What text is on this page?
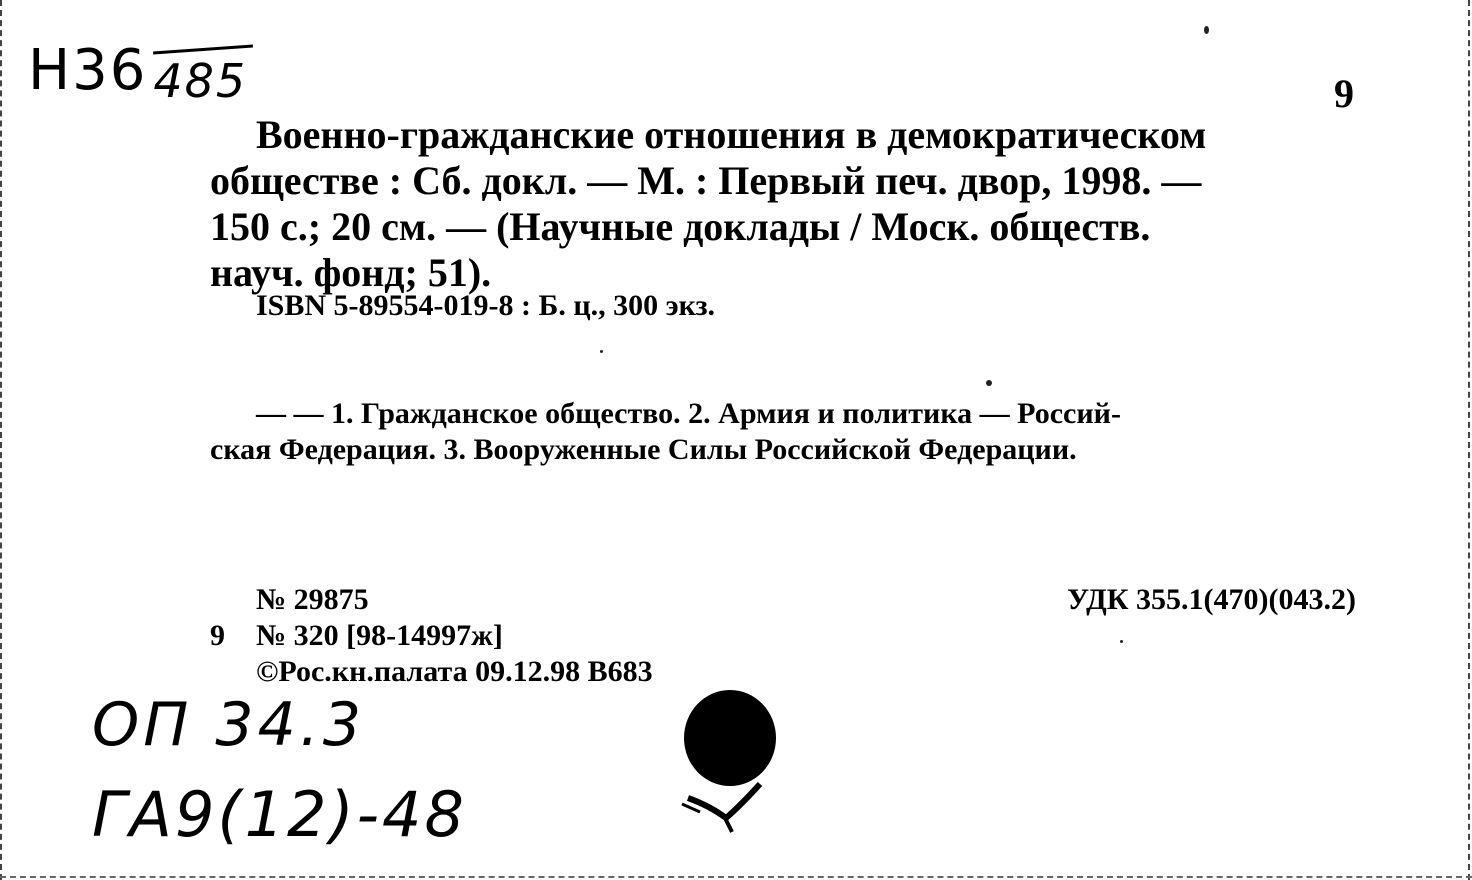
Н36 485	9
Военно-гражданские отношения в демократическом
обществе : Сб. докл. — М. : Первый печ. двор, 1998. —
150 с.; 20 см. — (Научные доклады / Моск. обществ.
науч. фонд; 51).
ISBN 5-89554-019-8 : Б. ц., 300 экз.
— — 1. Гражданское общество. 2. Армия и политика — Россий-
ская Федерация. 3. Вооруженные Силы Российской Федерации.
№ 29875
9	№ 320 [98-14997ж]
©Рос.кн.палата 09.12.98 В683
УДК 355.1(470)(043.2)
ОП 34.3
ГА9(12)-48
